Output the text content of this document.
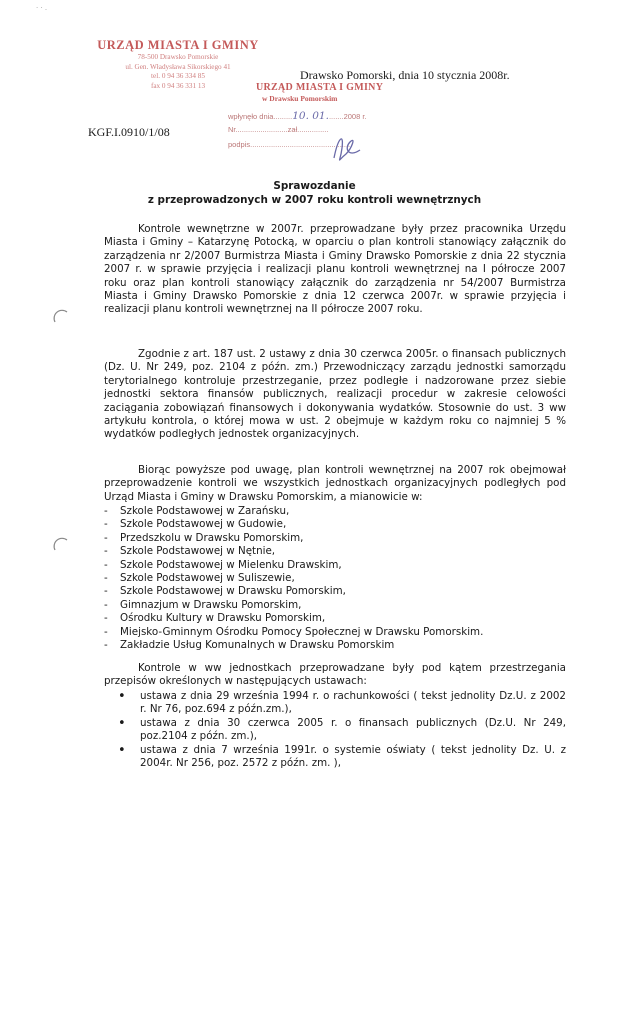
· · .
URZĄD MIASTA I GMINY
78-500 Drawsko Pomorskie
ul. Gen. Władysława Sikorskiego 41
tel. 0 94 36 334 85
fax 0 94 36 331 13
Drawsko Pomorski, dnia 10 stycznia 2008r.
KGF.I.0910/1/08
URZĄD MIASTA I GMINY
w Drawsku Pomorskim
wpłynęło dnia.........10. 01........2008 r.
Nr.........................zał...............
podpis................................................
Sprawozdanie
z przeprowadzonych w 2007 roku kontroli wewnętrznych
Kontrole wewnętrzne w 2007r. przeprowadzane były przez pracownika Urzędu Miasta i Gminy – Katarzynę Potocką, w oparciu o plan kontroli stanowiący załącznik do zarządzenia nr 2/2007 Burmistrza Miasta i Gminy Drawsko Pomorskie z dnia 22 stycznia 2007 r. w sprawie przyjęcia i realizacji planu kontroli wewnętrznej na I półrocze 2007 roku oraz plan kontroli stanowiący załącznik do zarządzenia nr 54/2007 Burmistrza Miasta i Gminy Drawsko Pomorskie z dnia 12 czerwca 2007r. w sprawie przyjęcia i realizacji planu kontroli wewnętrznej na II półrocze 2007 roku.
Zgodnie z art. 187 ust. 2 ustawy z dnia 30 czerwca 2005r. o finansach publicznych (Dz. U. Nr 249, poz. 2104 z późn. zm.) Przewodniczący zarządu jednostki samorządu terytorialnego kontroluje przestrzeganie, przez podległe i nadzorowane przez siebie jednostki sektora finansów publicznych, realizacji procedur w zakresie celowości zaciągania zobowiązań finansowych i dokonywania wydatków. Stosownie do ust. 3 ww artykułu kontrola, o której mowa w ust. 2 obejmuje w każdym roku co najmniej 5 % wydatków podległych jednostek organizacyjnych.
Biorąc powyższe pod uwagę, plan kontroli wewnętrznej na 2007 rok obejmował przeprowadzenie kontroli we wszystkich jednostkach organizacyjnych podległych pod Urząd Miasta i Gminy w Drawsku Pomorskim, a mianowicie w:
- Szkole Podstawowej w Zarańsku,
- Szkole Podstawowej w Gudowie,
- Przedszkolu w Drawsku Pomorskim,
- Szkole Podstawowej w Nętnie,
- Szkole Podstawowej w Mielenku Drawskim,
- Szkole Podstawowej w Suliszewie,
- Szkole Podstawowej w Drawsku Pomorskim,
- Gimnazjum w Drawsku Pomorskim,
- Ośrodku Kultury w Drawsku Pomorskim,
- Miejsko-Gminnym Ośrodku Pomocy Społecznej w Drawsku Pomorskim.
- Zakładzie Usług Komunalnych w Drawsku Pomorskim
Kontrole w ww jednostkach przeprowadzane były pod kątem przestrzegania przepisów określonych w następujących ustawach:
• ustawa z dnia 29 września 1994 r. o rachunkowości ( tekst jednolity Dz.U. z 2002 r. Nr 76, poz.694 z późn.zm.),
• ustawa z dnia 30 czerwca 2005 r. o finansach publicznych (Dz.U. Nr 249, poz.2104 z późn. zm.),
• ustawa z dnia 7 września 1991r. o systemie oświaty ( tekst jednolity Dz. U. z 2004r. Nr 256, poz. 2572 z późn. zm. ),
